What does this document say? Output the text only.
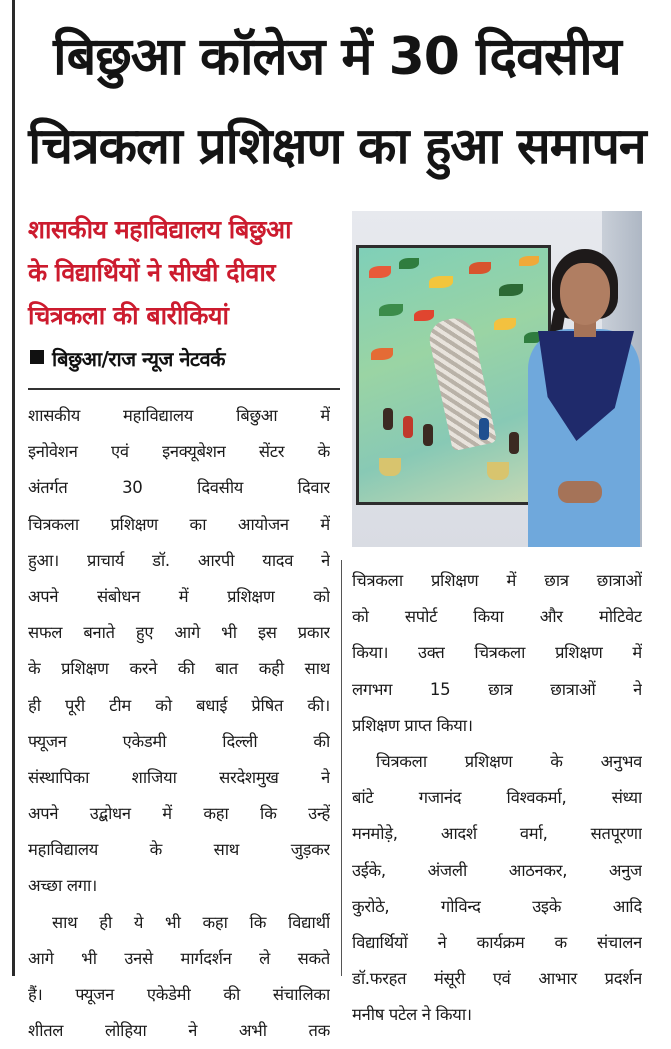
बिछुआ कॉलेज में 30 दिवसीय
चित्रकला प्रशिक्षण का हुआ समापन

शासकीय महाविद्यालय बिछुआ

के विद्यार्थियों ने सीखी दीवार

चित्रकला की बारीकियां

बिछुआ/राज न्यूज नेटवर्क
शासकीय महाविद्यालय बिछुआ में
इनोवेशन एवं इनक्यूबेशन सेंटर के
अंतर्गत 30 दिवसीय दिवार
चित्रकला प्रशिक्षण का आयोजन में
हुआ। प्राचार्य डॉ. आरपी यादव ने
अपने संबोधन में प्रशिक्षण को
सफल बनाते हुए आगे भी इस प्रकार
के प्रशिक्षण करने की बात कही साथ
ही पूरी टीम को बधाई प्रेषित की।
फ्यूजन एकेडमी दिल्ली की
संस्थापिका शाजिया सरदेशमुख ने
अपने उद्बोधन में कहा कि उन्हें
महाविद्यालय के साथ जुड़कर
अच्छा लगा।
साथ ही ये भी कहा कि विद्यार्थी
आगे भी उनसे मार्गदर्शन ले सकते
हैं। फ्यूजन एकेडेमी की संचालिका
शीतल लोहिया ने अभी तक
चित्रकला प्रशिक्षण में छात्र छात्राओं
को सपोर्ट किया और मोटिवेट
किया। उक्त चित्रकला प्रशिक्षण में
लगभग 15 छात्र छात्राओं ने
प्रशिक्षण प्राप्त किया।
चित्रकला प्रशिक्षण के अनुभव
बांटे गजानंद विश्वकर्मा, संध्या
मनमोड़े, आदर्श वर्मा, सतपूरणा
उईके, अंजली आठनकर, अनुज
कुरोठे, गोविन्द उइके आदि
विद्यार्थियों ने कार्यक्रम क संचालन
डॉ.फरहत मंसूरी एवं आभार प्रदर्शन
मनीष पटेल ने किया।
